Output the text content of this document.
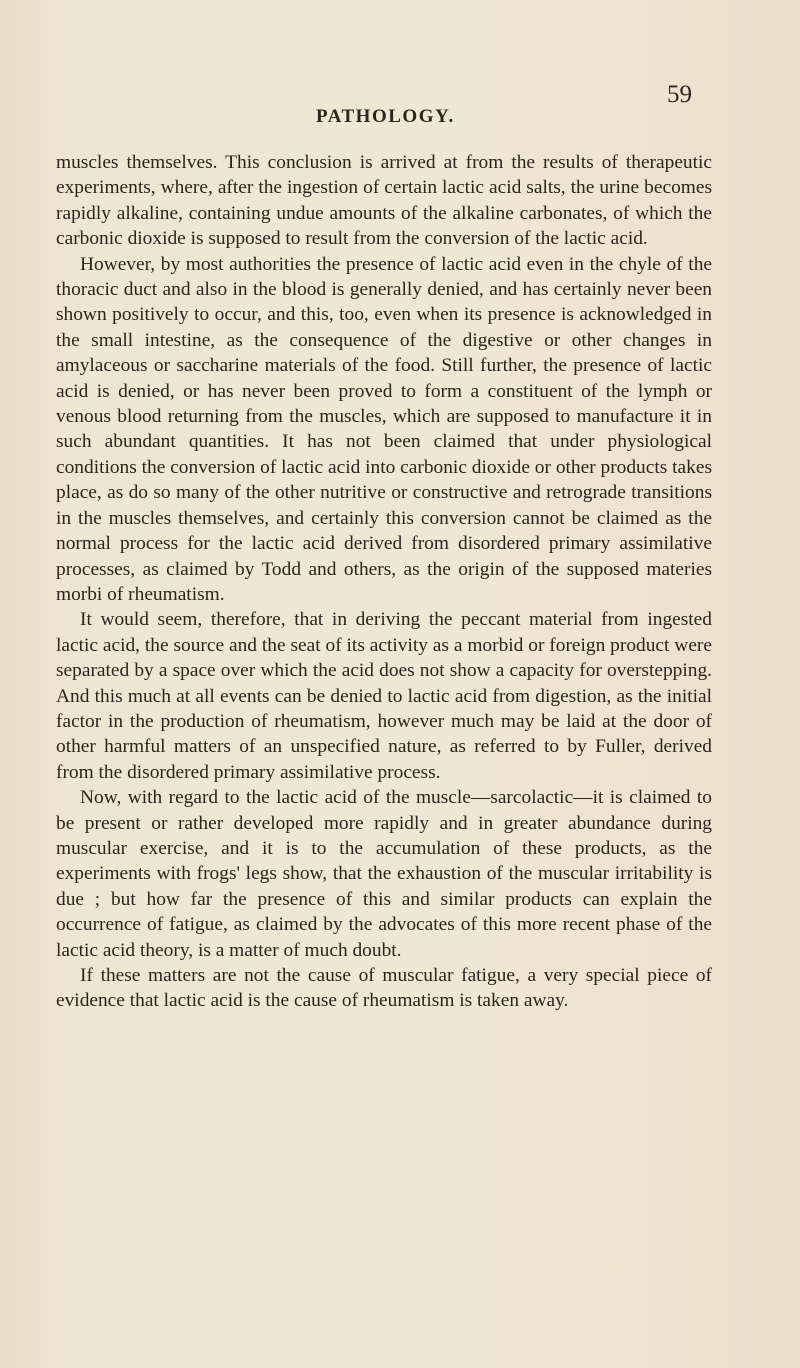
PATHOLOGY.
59

muscles themselves. This conclusion is arrived at from the results of therapeutic experiments, where, after the ingestion of certain lactic acid salts, the urine becomes rapidly alkaline, containing undue amounts of the alkaline carbonates, of which the carbonic dioxide is supposed to result from the conversion of the lactic acid.

However, by most authorities the presence of lactic acid even in the chyle of the thoracic duct and also in the blood is generally denied, and has certainly never been shown positively to occur, and this, too, even when its presence is acknowledged in the small intestine, as the consequence of the digestive or other changes in amylaceous or saccharine materials of the food. Still further, the presence of lactic acid is denied, or has never been proved to form a constituent of the lymph or venous blood returning from the muscles, which are supposed to manufacture it in such abundant quantities. It has not been claimed that under physiological conditions the conversion of lactic acid into carbonic dioxide or other products takes place, as do so many of the other nutritive or constructive and retrograde transitions in the muscles themselves, and certainly this conversion cannot be claimed as the normal process for the lactic acid derived from disordered primary assimilative processes, as claimed by Todd and others, as the origin of the supposed materies morbi of rheumatism.

It would seem, therefore, that in deriving the peccant material from ingested lactic acid, the source and the seat of its activity as a morbid or foreign product were separated by a space over which the acid does not show a capacity for overstepping. And this much at all events can be denied to lactic acid from digestion, as the initial factor in the production of rheumatism, however much may be laid at the door of other harmful matters of an unspecified nature, as referred to by Fuller, derived from the disordered primary assimilative process.

Now, with regard to the lactic acid of the muscle—sarcolactic—it is claimed to be present or rather developed more rapidly and in greater abundance during muscular exercise, and it is to the accumulation of these products, as the experiments with frogs' legs show, that the exhaustion of the muscular irritability is due ; but how far the presence of this and similar products can explain the occurrence of fatigue, as claimed by the advocates of this more recent phase of the lactic acid theory, is a matter of much doubt.

If these matters are not the cause of muscular fatigue, a very special piece of evidence that lactic acid is the cause of rheumatism is taken away.
